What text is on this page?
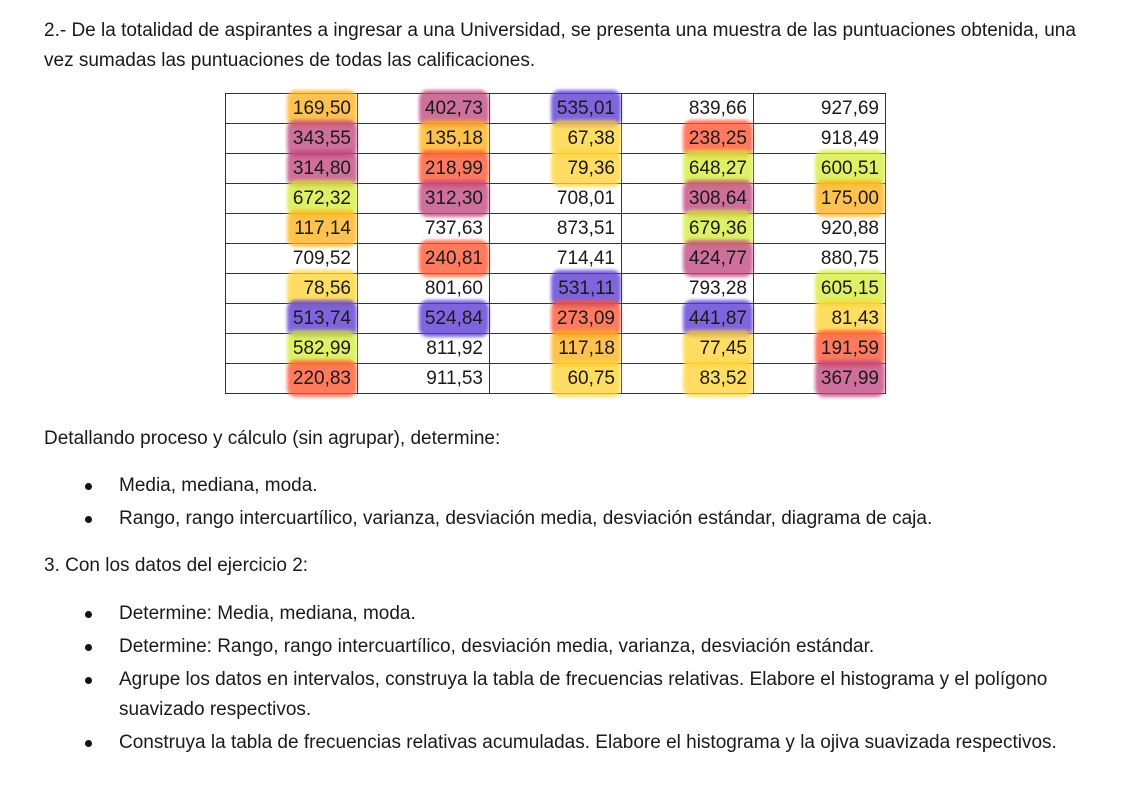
2.- De la totalidad de aspirantes a ingresar a una Universidad, se presenta una muestra de las puntuaciones obtenida, una vez sumadas las puntuaciones de todas las calificaciones.

169,50	402,73	535,01	839,66	927,69

343,55	135,18	67,38	238,25	918,49

314,80	218,99	79,36	648,27	600,51

672,32	312,30	708,01	308,64	175,00

117,14	737,63	873,51	679,36	920,88
709,52	240,81	714,41	424,77	880,75

78,56	801,60	531,11	793,28	605,15

513,74	524,84	273,09	441,87	81,43

582,99	811,92	117,18	77,45	191,59

220,83	911,53	60,75	83,52	367,99

Detallando proceso y cálculo (sin agrupar), determine:

Media, mediana, moda.
Rango, rango intercuartílico, varianza, desviación media, desviación estándar, diagrama de caja.

3. Con los datos del ejercicio 2:

Determine: Media, mediana, moda.
Determine: Rango, rango intercuartílico, desviación media, varianza, desviación estándar.
Agrupe los datos en intervalos, construya la tabla de frecuencias relativas. Elabore el histograma y el polígono suavizado respectivos.
Construya la tabla de frecuencias relativas acumuladas. Elabore el histograma y la ojiva suavizada respectivos.
